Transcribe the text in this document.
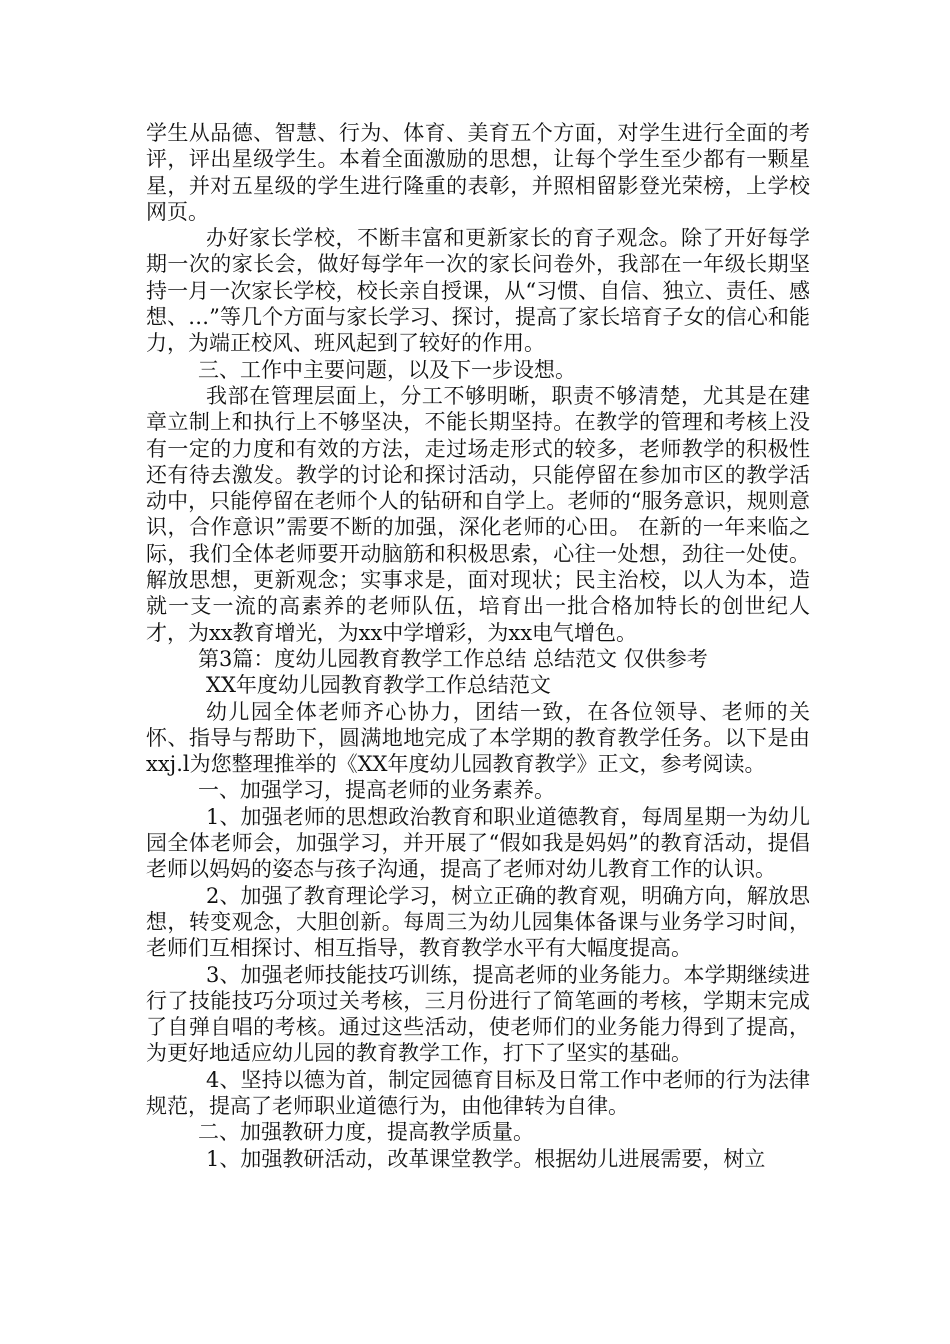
学生从品德、智慧、行为、体育、美育五个方面，对学生进行全面的考评，评出星级学生。本着全面激励的思想，让每个学生至少都有一颗星星，并对五星级的学生进行隆重的表彰，并照相留影登光荣榜，上学校网页。

办好家长学校，不断丰富和更新家长的育子观念。除了开好每学期一次的家长会，做好每学年一次的家长问卷外，我部在一年级长期坚持一月一次家长学校，校长亲自授课，从“习惯、自信、独立、责任、感想、…”等几个方面与家长学习、探讨，提高了家长培育子女的信心和能力，为端正校风、班风起到了较好的作用。

三、工作中主要问题，以及下一步设想。

我部在管理层面上，分工不够明晰，职责不够清楚，尤其是在建章立制上和执行上不够坚决，不能长期坚持。在教学的管理和考核上没有一定的力度和有效的方法，走过场走形式的较多，老师教学的积极性还有待去激发。教学的讨论和探讨活动，只能停留在参加市区的教学活动中，只能停留在老师个人的钻研和自学上。老师的“服务意识，规则意识，合作意识”需要不断的加强，深化老师的心田。 在新的一年来临之际，我们全体老师要开动脑筋和积极思索，心往一处想，劲往一处使。解放思想，更新观念；实事求是，面对现状；民主治校，以人为本，造就一支一流的高素养的老师队伍，培育出一批合格加特长的创世纪人才，为xx教育增光，为xx中学增彩，为xx电气增色。

第3篇：度幼儿园教育教学工作总结 总结范文 仅供参考

XX年度幼儿园教育教学工作总结范文

幼儿园全体老师齐心协力，团结一致，在各位领导、老师的关怀、指导与帮助下，圆满地地完成了本学期的教育教学任务。以下是由xxj.l为您整理推举的《XX年度幼儿园教育教学》正文，参考阅读。

一、加强学习，提高老师的业务素养。

1、加强老师的思想政治教育和职业道德教育，每周星期一为幼儿园全体老师会，加强学习，并开展了“假如我是妈妈”的教育活动，提倡老师以妈妈的姿态与孩子沟通，提高了老师对幼儿教育工作的认识。

2、加强了教育理论学习，树立正确的教育观，明确方向，解放思想，转变观念，大胆创新。每周三为幼儿园集体备课与业务学习时间，老师们互相探讨、相互指导，教育教学水平有大幅度提高。

3、加强老师技能技巧训练，提高老师的业务能力。本学期继续进行了技能技巧分项过关考核，三月份进行了简笔画的考核，学期末完成了自弹自唱的考核。通过这些活动，使老师们的业务能力得到了提高，为更好地适应幼儿园的教育教学工作，打下了坚实的基础。

4、坚持以德为首，制定园德育目标及日常工作中老师的行为法律规范，提高了老师职业道德行为，由他律转为自律。

二、加强教研力度，提高教学质量。

1、加强教研活动，改革课堂教学。根据幼儿进展需要，树立
